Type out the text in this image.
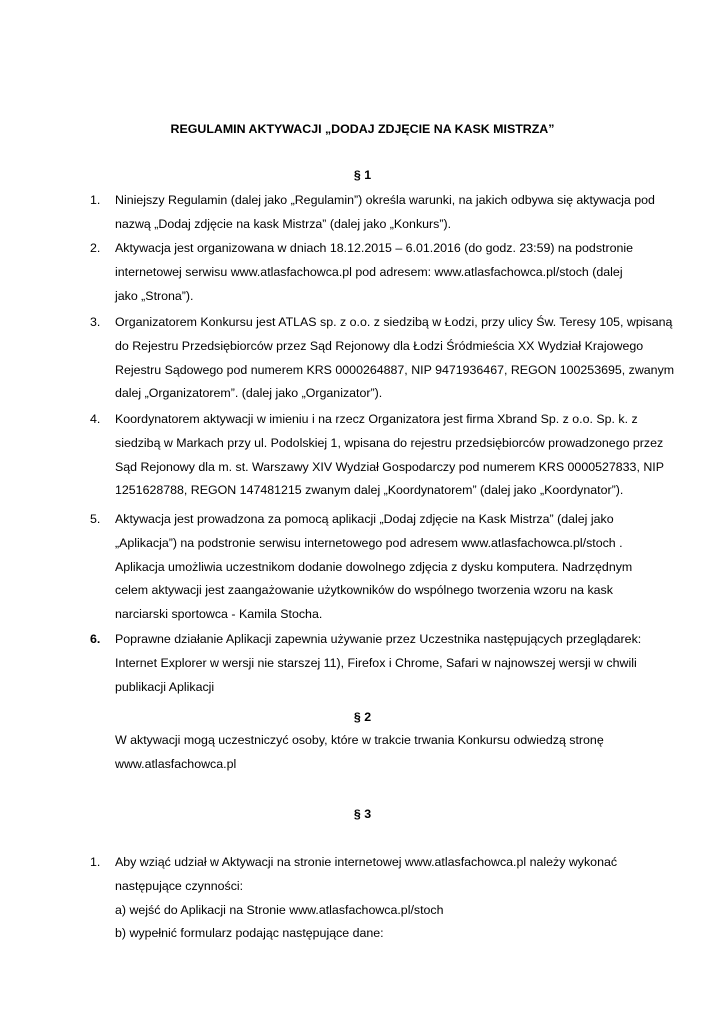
REGULAMIN AKTYWACJI „DODAJ ZDJĘCIE NA KASK MISTRZA”
§ 1
1. Niniejszy Regulamin (dalej jako „Regulamin”) określa warunki, na jakich odbywa się aktywacja pod
nazwą „Dodaj zdjęcie na kask Mistrza” (dalej jako „Konkurs”).
2. Aktywacja jest organizowana w dniach 18.12.2015 – 6.01.2016 (do godz. 23:59) na podstronie
internetowej serwisu www.atlasfachowca.pl pod adresem: www.atlasfachowca.pl/stoch (dalej
jako „Strona”).
3. Organizatorem Konkursu jest ATLAS sp. z o.o. z siedzibą w Łodzi, przy ulicy Św. Teresy 105, wpisaną
do Rejestru Przedsiębiorców przez Sąd Rejonowy dla Łodzi Śródmieścia XX Wydział Krajowego
Rejestru Sądowego pod numerem KRS 0000264887, NIP 9471936467, REGON 100253695, zwanym
dalej „Organizatorem”. (dalej jako „Organizator”).
4. Koordynatorem aktywacji w imieniu i na rzecz Organizatora jest firma Xbrand Sp. z o.o. Sp. k. z
siedzibą w Markach przy ul. Podolskiej 1, wpisana do rejestru przedsiębiorców prowadzonego przez
Sąd Rejonowy dla m. st. Warszawy XIV Wydział Gospodarczy pod numerem KRS 0000527833, NIP
1251628788, REGON 147481215 zwanym dalej „Koordynatorem” (dalej jako „Koordynator”).
5. Aktywacja jest prowadzona za pomocą aplikacji „Dodaj zdjęcie na Kask Mistrza” (dalej jako
„Aplikacja”) na podstronie serwisu internetowego pod adresem www.atlasfachowca.pl/stoch .
Aplikacja umożliwia uczestnikom dodanie dowolnego zdjęcia z dysku komputera. Nadrzędnym
celem aktywacji jest zaangażowanie użytkowników do wspólnego tworzenia wzoru na kask
narciarski sportowca - Kamila Stocha.
6. Poprawne działanie Aplikacji zapewnia używanie przez Uczestnika następujących przeglądarek:
Internet Explorer w wersji nie starszej 11), Firefox i Chrome, Safari w najnowszej wersji w chwili
publikacji Aplikacji
§ 2
W aktywacji mogą uczestniczyć osoby, które w trakcie trwania Konkursu odwiedzą stronę
www.atlasfachowca.pl
§ 3
1. Aby wziąć udział w Aktywacji na stronie internetowej www.atlasfachowca.pl należy wykonać
następujące czynności:
a) wejść do Aplikacji na Stronie www.atlasfachowca.pl/stoch
b) wypełnić formularz podając następujące dane:
